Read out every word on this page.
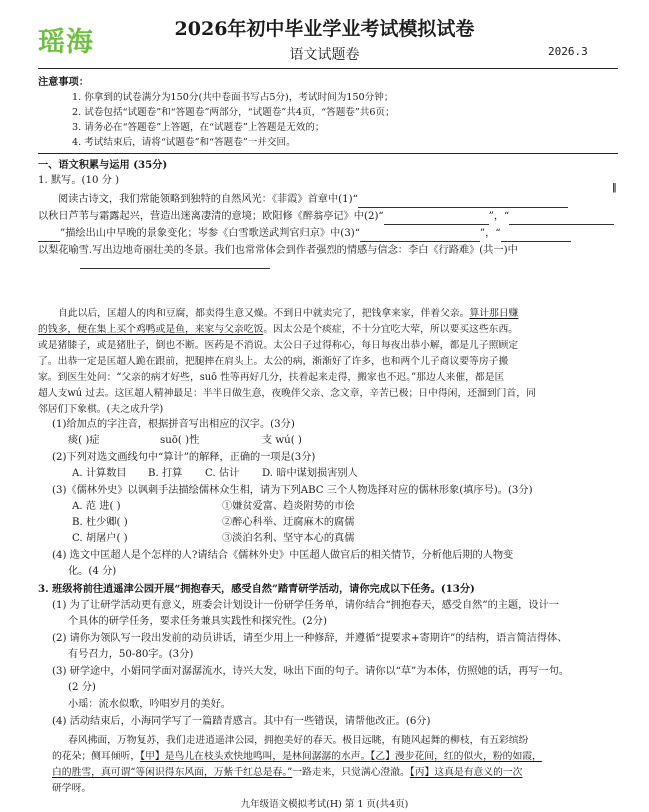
瑶海	2026年初中毕业学业考试模拟试卷
语文试题卷	2026.3
注意事项：
1. 你拿到的试卷满分为150分(共中卷面书写占5分)，考试时间为150分钟；
2. 试卷包括“试题卷”和“答题卷”两部分，“试题卷”共4页，“答题卷”共6页；
3. 请务必在“答题卷”上答题，在“试题卷”上答题是无效的；
4. 考试结束后，请将“试题卷”和“答题卷”一并交回。
一、语文积累与运用 (35分)
1. 默写。(10 分 )
‖
阅读古诗文，我们常能领略到独特的自然风光：《菲霞》首章中(1)“
以秋日芦苇与霜露起兴，营造出迷离凄清的意境；欧阳修《醉翁亭记》中(2)“	”，“
”描绘出山中早晚的景象变化；岑参《白雪歌送武判官归京》中(3)“	”，“
以梨花喻雪.写出边地奇丽壮美的冬景。我们也常常体会到作者强烈的情感与信念：李白《行路难》(共一)中
自此以后，匡超人的肉和豆腐，都卖得生意又燥。不到日中就卖完了，把钱拿来家，伴着父亲。算计那日赚
的钱多，便在集上买个鸡鸭或是鱼，来家与父亲吃饭。因太公是个痰症，不十分宜吃大荤，所以要买这些东西。
或是猪膝子，或是猪肚子，倒也不断。医药是不消说。太公日子过得称心，每日每夜出恭小解，都是儿子照顾定
了。出恭一定是匡超人跪在跟前，把腿摔在肩头上。太公的病，渐渐好了许多，也和两个儿子商议要等房子搬
家。到医生处问：“父亲的病才好些，suō 性等再好几分，扶着起来走得，搬家也不迟。”那边人来催，都是匡
超人支wú 过去。这匡超人精神最足：半半日做生意，夜晚伴父亲、念文章，辛苦已极；日中得闲，还溜到门首，同
邻居们下象棋。(夫之成升学)
(1)给加点的字注音，根据拼音写出相应的汉字。(3分)
痰( )症	suō( )性	支 wú( )
(2)下列对选文画线句中“算计”的解释，正确的一项是(3分)
A. 计算数目 B. 打算 C. 估计 D. 暗中谋划损害别人
(3)《儒林外史》以讽刺手法描绘儒林众生相，请为下列ABC 三个人物选择对应的儒林形象(填序号)。(3分)
A. 范 进( )	①嫌贫爱富、趋炎附势的市侩
B. 杜少卿( )	②醉心科举、迂腐麻木的腐儒
C. 胡屠户( )	③淡泊名利、坚守本心的真儒
(4) 选文中匡超人是个怎样的人?请结合《儒林外史》中匡超人做官后的相关情节，分析他后期的人物变
化。(4 分)
3. 班级将前往逍遥津公园开展“拥抱春天，感受自然”踏青研学活动，请你完成以下任务。(13分)
(1) 为了让研学活动更有意义，班委会计划设计一份研学任务单，请你结合“拥抱春天，感受自然”的主题，设计一
个具体的研学任务，要求任务兼具实践性和探究性。(2分)
(2) 请你为领队写一段出发前的动员讲话，请至少用上一种修辞，并遵循“提要求+寄期许”的结构，语言简洁得体、
有号召力，50-80字。(3分)
(3) 研学途中，小娟同学面对潺潺流水，诗兴大发，咏出下面的句子。请你以“草”为本体，仿照她的话，再写一句。
(2 分)
小瑶：流水似歌，吟唱岁月的美好。
(4) 活动结束后，小海同学写了一篇踏青感言。其中有一些错误，请帮他改正。(6分)
春风拂面，万物复苏，我们走进逍遥津公园，拥抱美好的春天。极目远眺，有随风起舞的柳枝，有五彩缤纷
的花朵；侧耳倾听，【甲】是鸟儿在枝头欢快地鸣叫，是林间潺潺的水声。【乙】漫步花间，红的似火，粉的如霞，
白的胜雪，真可谓“等闲识得东风面，万紫千红总是春。”一路走来，只觉满心澄澈。【丙】这真是有意义的一次
研学呀。
九年级语文模拟考试(H) 第 1 页(共4页)
